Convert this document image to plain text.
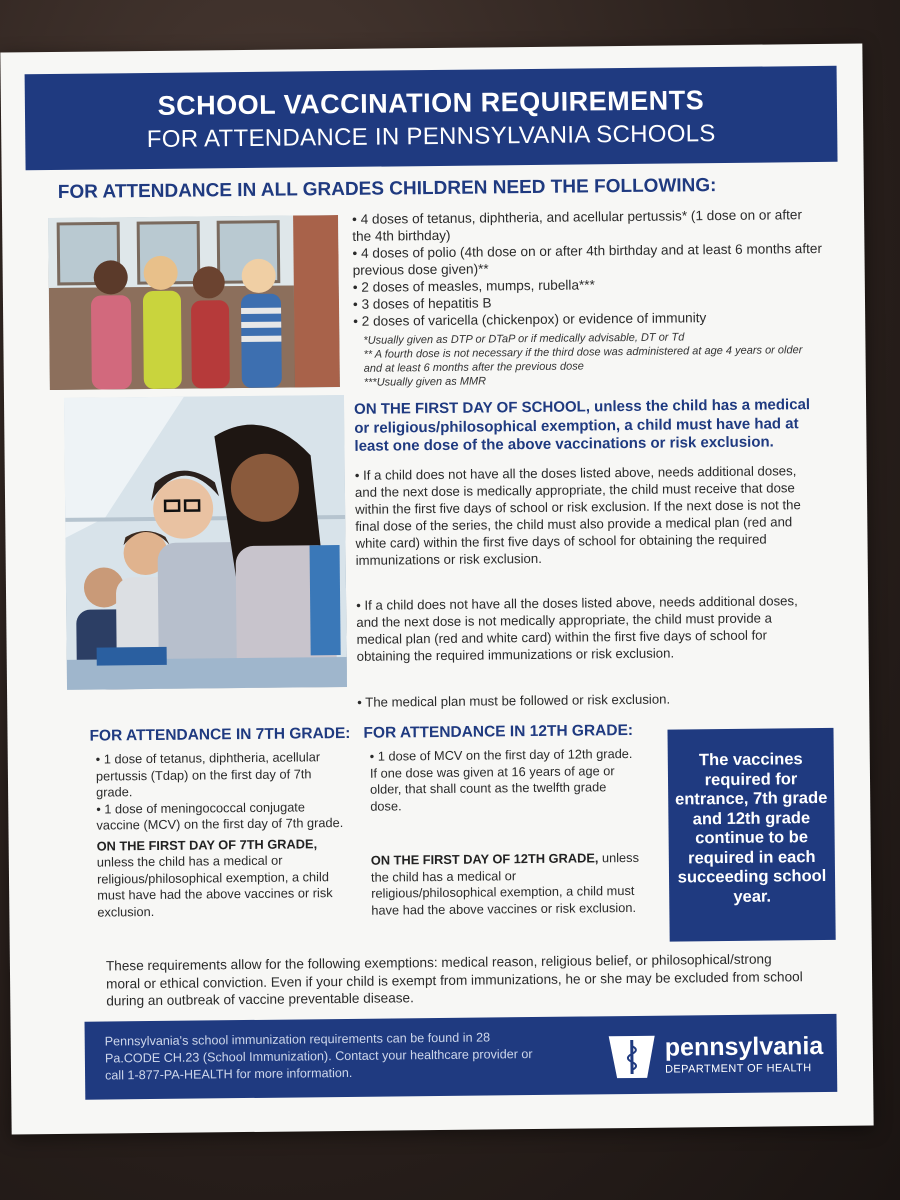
SCHOOL VACCINATION REQUIREMENTS
FOR ATTENDANCE IN PENNSYLVANIA SCHOOLS
FOR ATTENDANCE IN ALL GRADES CHILDREN NEED THE FOLLOWING:
• 4 doses of tetanus, diphtheria, and acellular pertussis* (1 dose on or after the 4th birthday)
• 4 doses of polio (4th dose on or after 4th birthday and at least 6 months after previous dose given)**
• 2 doses of measles, mumps, rubella***
• 3 doses of hepatitis B
• 2 doses of varicella (chickenpox) or evidence of immunity
*Usually given as DTP or DTaP or if medically advisable, DT or Td
** A fourth dose is not necessary if the third dose was administered at age 4 years or older and at least 6 months after the previous dose
***Usually given as MMR
ON THE FIRST DAY OF SCHOOL, unless the child has a medical or religious/philosophical exemption, a child must have had at least one dose of the above vaccinations or risk exclusion.
• If a child does not have all the doses listed above, needs additional doses, and the next dose is medically appropriate, the child must receive that dose within the first five days of school or risk exclusion. If the next dose is not the final dose of the series, the child must also provide a medical plan (red and white card) within the first five days of school for obtaining the required immunizations or risk exclusion.
• If a child does not have all the doses listed above, needs additional doses, and the next dose is not medically appropriate, the child must provide a medical plan (red and white card) within the first five days of school for obtaining the required immunizations or risk exclusion.
• The medical plan must be followed or risk exclusion.
FOR ATTENDANCE IN 7TH GRADE:
• 1 dose of tetanus, diphtheria, acellular pertussis (Tdap) on the first day of 7th grade.
• 1 dose of meningococcal conjugate vaccine (MCV) on the first day of 7th grade.
ON THE FIRST DAY OF 7TH GRADE, unless the child has a medical or religious/philosophical exemption, a child must have had the above vaccines or risk exclusion.
FOR ATTENDANCE IN 12TH GRADE:
• 1 dose of MCV on the first day of 12th grade. If one dose was given at 16 years of age or older, that shall count as the twelfth grade dose.
ON THE FIRST DAY OF 12TH GRADE, unless the child has a medical or religious/philosophical exemption, a child must have had the above vaccines or risk exclusion.
The vaccines required for entrance, 7th grade and 12th grade continue to be required in each succeeding school year.
These requirements allow for the following exemptions: medical reason, religious belief, or philosophical/strong moral or ethical conviction. Even if your child is exempt from immunizations, he or she may be excluded from school during an outbreak of vaccine preventable disease.
Pennsylvania's school immunization requirements can be found in 28 Pa.CODE CH.23 (School Immunization). Contact your healthcare provider or call 1-877-PA-HEALTH for more information.
pennsylvania
DEPARTMENT OF HEALTH
